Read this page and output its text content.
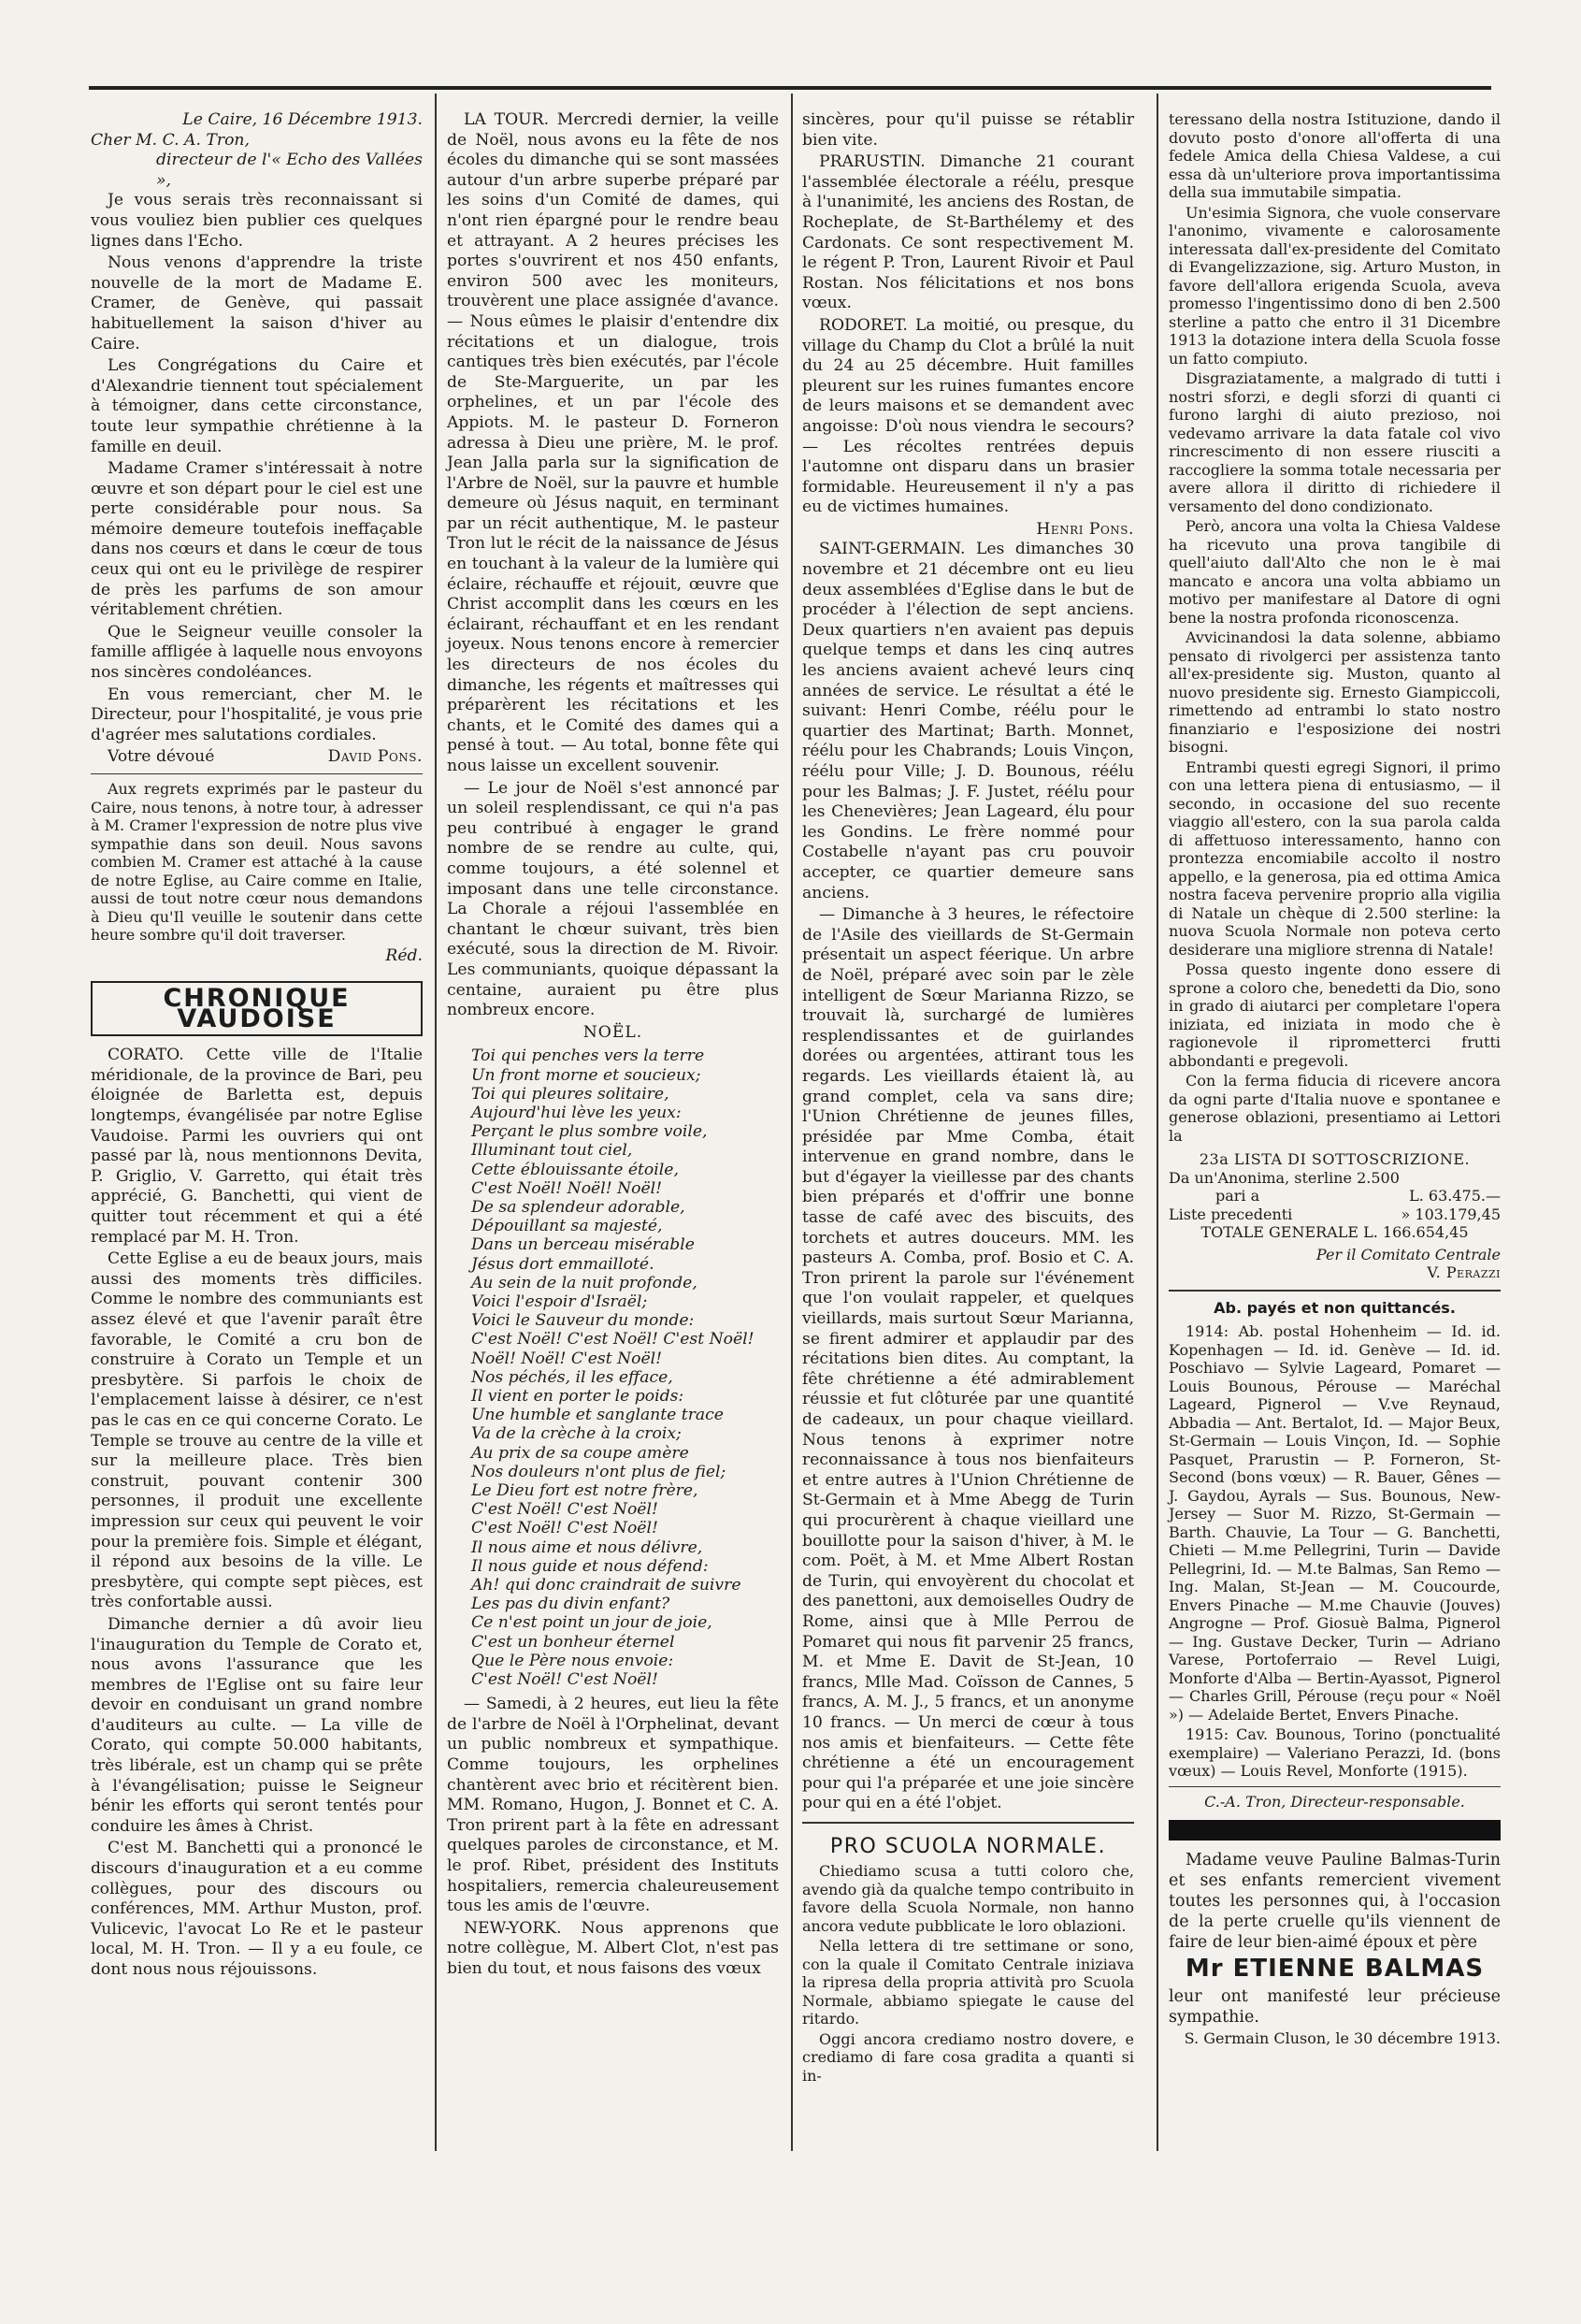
Le Caire, 16 Décembre 1913.
Cher M. C. A. Tron,
directeur de l'« Echo des Vallées »,

Je vous serais très reconnaissant si vous vouliez bien publier ces quelques lignes dans l'Echo.

Nous venons d'apprendre la triste nouvelle de la mort de Madame E. Cramer, de Genève, qui passait habituellement la saison d'hiver au Caire.

Les Congrégations du Caire et d'Alexandrie tiennent tout spécialement à témoigner, dans cette circonstance, toute leur sympathie chrétienne à la famille en deuil.

Madame Cramer s'intéressait à notre œuvre et son départ pour le ciel est une perte considérable pour nous. Sa mémoire demeure toutefois ineffaçable dans nos cœurs et dans le cœur de tous ceux qui ont eu le privilège de respirer de près les parfums de son amour véritablement chrétien.

Que le Seigneur veuille consoler la famille affligée à laquelle nous envoyons nos sincères condoléances.

En vous remerciant, cher M. le Directeur, pour l'hospitalité, je vous prie d'agréer mes salutations cordiales.

Votre dévoué	David Pons.

Aux regrets exprimés par le pasteur du Caire, nous tenons, à notre tour, à adresser à M. Cramer l'expression de notre plus vive sympathie dans son deuil. Nous savons combien M. Cramer est attaché à la cause de notre Eglise, au Caire comme en Italie, aussi de tout notre cœur nous demandons à Dieu qu'Il veuille le soutenir dans cette heure sombre qu'il doit traverser.

Réd.
CHRONIQUE VAUDOISE

CORATO. Cette ville de l'Italie méridionale, de la province de Bari, peu éloignée de Barletta est, depuis longtemps, évangélisée par notre Eglise Vaudoise. Parmi les ouvriers qui ont passé par là, nous mentionnons Devita, P. Griglio, V. Garretto, qui était très apprécié, G. Banchetti, qui vient de quitter tout récemment et qui a été remplacé par M. H. Tron.

Cette Eglise a eu de beaux jours, mais aussi des moments très difficiles. Comme le nombre des communiants est assez élevé et que l'avenir paraît être favorable, le Comité a cru bon de construire à Corato un Temple et un presbytère. Si parfois le choix de l'emplacement laisse à désirer, ce n'est pas le cas en ce qui concerne Corato. Le Temple se trouve au centre de la ville et sur la meilleure place. Très bien construit, pouvant contenir 300 personnes, il produit une excellente impression sur ceux qui peuvent le voir pour la première fois. Simple et élégant, il répond aux besoins de la ville. Le presbytère, qui compte sept pièces, est très confortable aussi.

Dimanche dernier a dû avoir lieu l'inauguration du Temple de Corato et, nous avons l'assurance que les membres de l'Eglise ont su faire leur devoir en conduisant un grand nombre d'auditeurs au culte. — La ville de Corato, qui compte 50.000 habitants, très libérale, est un champ qui se prête à l'évangélisation; puisse le Seigneur bénir les efforts qui seront tentés pour conduire les âmes à Christ.

C'est M. Banchetti qui a prononcé le discours d'inauguration et a eu comme collègues, pour des discours ou conférences, MM. Arthur Muston, prof. Vulicevic, l'avocat Lo Re et le pasteur local, M. H. Tron. — Il y a eu foule, ce dont nous nous réjouissons.

LA TOUR. Mercredi dernier, la veille de Noël, nous avons eu la fête de nos écoles du dimanche qui se sont massées autour d'un arbre superbe préparé par les soins d'un Comité de dames, qui n'ont rien épargné pour le rendre beau et attrayant. A 2 heures précises les portes s'ouvrirent et nos 450 enfants, environ 500 avec les moniteurs, trouvèrent une place assignée d'avance. — Nous eûmes le plaisir d'entendre dix récitations et un dialogue, trois cantiques très bien exécutés, par l'école de Ste-Marguerite, un par les orphelines, et un par l'école des Appiots. M. le pasteur D. Forneron adressa à Dieu une prière, M. le prof. Jean Jalla parla sur la signification de l'Arbre de Noël, sur la pauvre et humble demeure où Jésus naquit, en terminant par un récit authentique, M. le pasteur Tron lut le récit de la naissance de Jésus en touchant à la valeur de la lumière qui éclaire, réchauffe et réjouit, œuvre que Christ accomplit dans les cœurs en les éclairant, réchauffant et en les rendant joyeux. Nous tenons encore à remercier les directeurs de nos écoles du dimanche, les régents et maîtresses qui préparèrent les récitations et les chants, et le Comité des dames qui a pensé à tout. — Au total, bonne fête qui nous laisse un excellent souvenir.

— Le jour de Noël s'est annoncé par un soleil resplendissant, ce qui n'a pas peu contribué à engager le grand nombre de se rendre au culte, qui, comme toujours, a été solennel et imposant dans une telle circonstance. La Chorale a réjoui l'assemblée en chantant le chœur suivant, très bien exécuté, sous la direction de M. Rivoir. Les communiants, quoique dépassant la centaine, auraient pu être plus nombreux encore.

NOËL.
Toi qui penches vers la terre
Un front morne et soucieux;
Toi qui pleures solitaire,
Aujourd'hui lève les yeux:
Perçant le plus sombre voile,
Illuminant tout ciel,
Cette éblouissante étoile,
C'est Noël! Noël! Noël!
De sa splendeur adorable,
Dépouillant sa majesté,
Dans un berceau misérable
Jésus dort emmailloté.
Au sein de la nuit profonde,
Voici l'espoir d'Israël;
Voici le Sauveur du monde:
C'est Noël! C'est Noël! C'est Noël!
Noël! Noël! C'est Noël!
Nos péchés, il les efface,
Il vient en porter le poids:
Une humble et sanglante trace
Va de la crèche à la croix;
Au prix de sa coupe amère
Nos douleurs n'ont plus de fiel;
Le Dieu fort est notre frère,
C'est Noël! C'est Noël!
C'est Noël! C'est Noël!
Il nous aime et nous délivre,
Il nous guide et nous défend:
Ah! qui donc craindrait de suivre
Les pas du divin enfant?
Ce n'est point un jour de joie,
C'est un bonheur éternel
Que le Père nous envoie:
C'est Noël! C'est Noël!

— Samedi, à 2 heures, eut lieu la fête de l'arbre de Noël à l'Orphelinat, devant un public nombreux et sympathique. Comme toujours, les orphelines chantèrent avec brio et récitèrent bien. MM. Romano, Hugon, J. Bonnet et C. A. Tron prirent part à la fête en adressant quelques paroles de circonstance, et M. le prof. Ribet, président des Instituts hospitaliers, remercia chaleureusement tous les amis de l'œuvre.

NEW-YORK. Nous apprenons que notre collègue, M. Albert Clot, n'est pas bien du tout, et nous faisons des vœux

sincères, pour qu'il puisse se rétablir bien vite.

PRARUSTIN. Dimanche 21 courant l'assemblée électorale a réélu, presque à l'unanimité, les anciens des Rostan, de Rocheplate, de St-Barthélemy et des Cardonats. Ce sont respectivement M. le régent P. Tron, Laurent Rivoir et Paul Rostan. Nos félicitations et nos bons vœux.

RODORET. La moitié, ou presque, du village du Champ du Clot a brûlé la nuit du 24 au 25 décembre. Huit familles pleurent sur les ruines fumantes encore de leurs maisons et se demandent avec angoisse: D'où nous viendra le secours? — Les récoltes rentrées depuis l'automne ont disparu dans un brasier formidable. Heureusement il n'y a pas eu de victimes humaines.

Henri Pons.

SAINT-GERMAIN. Les dimanches 30 novembre et 21 décembre ont eu lieu deux assemblées d'Eglise dans le but de procéder à l'élection de sept anciens. Deux quartiers n'en avaient pas depuis quelque temps et dans les cinq autres les anciens avaient achevé leurs cinq années de service. Le résultat a été le suivant: Henri Combe, réélu pour le quartier des Martinat; Barth. Monnet, réélu pour les Chabrands; Louis Vinçon, réélu pour Ville; J. D. Bounous, réélu pour les Balmas; J. F. Justet, réélu pour les Chenevières; Jean Lageard, élu pour les Gondins. Le frère nommé pour Costabelle n'ayant pas cru pouvoir accepter, ce quartier demeure sans anciens.

— Dimanche à 3 heures, le réfectoire de l'Asile des vieillards de St-Germain présentait un aspect féerique. Un arbre de Noël, préparé avec soin par le zèle intelligent de Sœur Marianna Rizzo, se trouvait là, surchargé de lumières resplendissantes et de guirlandes dorées ou argentées, attirant tous les regards. Les vieillards étaient là, au grand complet, cela va sans dire; l'Union Chrétienne de jeunes filles, présidée par Mme Comba, était intervenue en grand nombre, dans le but d'égayer la vieillesse par des chants bien préparés et d'offrir une bonne tasse de café avec des biscuits, des torchets et autres douceurs. MM. les pasteurs A. Comba, prof. Bosio et C. A. Tron prirent la parole sur l'événement que l'on voulait rappeler, et quelques vieillards, mais surtout Sœur Marianna, se firent admirer et applaudir par des récitations bien dites. Au comptant, la fête chrétienne a été admirablement réussie et fut clôturée par une quantité de cadeaux, un pour chaque vieillard. Nous tenons à exprimer notre reconnaissance à tous nos bienfaiteurs et entre autres à l'Union Chrétienne de St-Germain et à Mme Abegg de Turin qui procurèrent à chaque vieillard une bouillotte pour la saison d'hiver, à M. le com. Poët, à M. et Mme Albert Rostan de Turin, qui envoyèrent du chocolat et des panettoni, aux demoiselles Oudry de Rome, ainsi que à Mlle Perrou de Pomaret qui nous fit parvenir 25 francs, M. et Mme E. Davit de St-Jean, 10 francs, Mlle Mad. Coïsson de Cannes, 5 francs, A. M. J., 5 francs, et un anonyme 10 francs. — Un merci de cœur à tous nos amis et bienfaiteurs. — Cette fête chrétienne a été un encouragement pour qui l'a préparée et une joie sincère pour qui en a été l'objet.

PRO SCUOLA NORMALE.

Chiediamo scusa a tutti coloro che, avendo già da qualche tempo contribuito in favore della Scuola Normale, non hanno ancora vedute pubblicate le loro oblazioni.

Nella lettera di tre settimane or sono, con la quale il Comitato Centrale iniziava la ripresa della propria attività pro Scuola Normale, abbiamo spiegate le cause del ritardo.

Oggi ancora crediamo nostro dovere, e crediamo di fare cosa gradita a quanti si in-

teressano della nostra Istituzione, dando il dovuto posto d'onore all'offerta di una fedele Amica della Chiesa Valdese, a cui essa dà un'ulteriore prova importantissima della sua immutabile simpatia.

Un'esimia Signora, che vuole conservare l'anonimo, vivamente e calorosamente interessata dall'ex-presidente del Comitato di Evangelizzazione, sig. Arturo Muston, in favore dell'allora erigenda Scuola, aveva promesso l'ingentissimo dono di ben 2.500 sterline a patto che entro il 31 Dicembre 1913 la dotazione intera della Scuola fosse un fatto compiuto.

Disgraziatamente, a malgrado di tutti i nostri sforzi, e degli sforzi di quanti ci furono larghi di aiuto prezioso, noi vedevamo arrivare la data fatale col vivo rincrescimento di non essere riusciti a raccogliere la somma totale necessaria per avere allora il diritto di richiedere il versamento del dono condizionato.

Però, ancora una volta la Chiesa Valdese ha ricevuto una prova tangibile di quell'aiuto dall'Alto che non le è mai mancato e ancora una volta abbiamo un motivo per manifestare al Datore di ogni bene la nostra profonda riconoscenza.

Avvicinandosi la data solenne, abbiamo pensato di rivolgerci per assistenza tanto all'ex-presidente sig. Muston, quanto al nuovo presidente sig. Ernesto Giampiccoli, rimettendo ad entrambi lo stato nostro finanziario e l'esposizione dei nostri bisogni.

Entrambi questi egregi Signori, il primo con una lettera piena di entusiasmo, — il secondo, in occasione del suo recente viaggio all'estero, con la sua parola calda di affettuoso interessamento, hanno con prontezza encomiabile accolto il nostro appello, e la generosa, pia ed ottima Amica nostra faceva pervenire proprio alla vigilia di Natale un chèque di 2.500 sterline: la nuova Scuola Normale non poteva certo desiderare una migliore strenna di Natale!

Possa questo ingente dono essere di sprone a coloro che, benedetti da Dio, sono in grado di aiutarci per completare l'opera iniziata, ed iniziata in modo che è ragionevole il riprometterci frutti abbondanti e pregevoli.

Con la ferma fiducia di ricevere ancora da ogni parte d'Italia nuove e spontanee e generose oblazioni, presentiamo ai Lettori la

23a LISTA DI SOTTOSCRIZIONE.
Da un'Anonima, sterline 2.500
pari a	L. 63.475.—
Liste precedenti	» 103.179,45
TOTALE GENERALE L. 166.654,45
Per il Comitato Centrale
V. Perazzi
Ab. payés et non quittancés.

1914: Ab. postal Hohenheim — Id. id. Kopenhagen — Id. id. Genève — Id. id. Poschiavo — Sylvie Lageard, Pomaret — Louis Bounous, Pérouse — Maréchal Lageard, Pignerol — V.ve Reynaud, Abbadia — Ant. Bertalot, Id. — Major Beux, St-Germain — Louis Vinçon, Id. — Sophie Pasquet, Prarustin — P. Forneron, St-Second (bons vœux) — R. Bauer, Gênes — J. Gaydou, Ayrals — Sus. Bounous, New-Jersey — Suor M. Rizzo, St-Germain — Barth. Chauvie, La Tour — G. Banchetti, Chieti — M.me Pellegrini, Turin — Davide Pellegrini, Id. — M.te Balmas, San Remo — Ing. Malan, St-Jean — M. Coucourde, Envers Pinache — M.me Chauvie (Jouves) Angrogne — Prof. Giosuè Balma, Pignerol — Ing. Gustave Decker, Turin — Adriano Varese, Portoferraio — Revel Luigi, Monforte d'Alba — Bertin-Ayassot, Pignerol — Charles Grill, Pérouse (reçu pour « Noël ») — Adelaide Bertet, Envers Pinache.

1915: Cav. Bounous, Torino (ponctualité exemplaire) — Valeriano Perazzi, Id. (bons vœux) — Louis Revel, Monforte (1915).

C.-A. Tron, Directeur-responsable.

Madame veuve Pauline Balmas-Turin et ses enfants remercient vivement toutes les personnes qui, à l'occasion de la perte cruelle qu'ils viennent de faire de leur bien-aimé époux et père

Mr ETIENNE BALMAS

leur ont manifesté leur précieuse sympathie.

S. Germain Cluson, le 30 décembre 1913.
